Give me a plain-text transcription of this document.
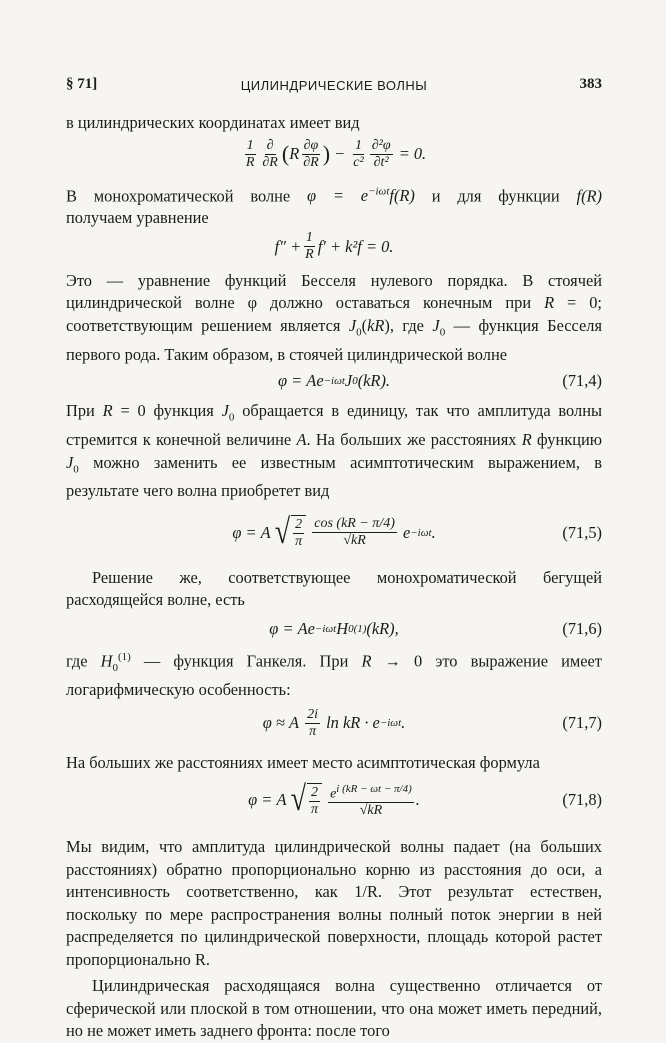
§ 71]	ЦИЛИНДРИЧЕСКИЕ ВОЛНЫ	383

в цилиндрических координатах имеет вид

$\frac{1}{R} \frac{\partial}{\partial R}$ ( R $\frac{\partial\varphi}{\partial R}$ ) − $\frac{1}{\text{c²}} \frac{\text{∂²φ}}{\text{∂t²}} = 0$.

В монохроматической волне $\varphi = e^{-i\omega t}f(R)$ и для функции f(R)

получаем уравнение

$f'' + \frac{1}{R} f' + k^2f = 0$.

Это — уравнение функций Бесселя нулевого порядка. В стоячей цилиндрической волне φ должно оставаться конечным при R = 0; соответствующим решением является $J_0(kR)$, где $J_0$ — функция Бесселя первого рода. Таким образом, в стоячей цилиндрической волне

φ = Ae −iωt J 0 (kR).	(71,4)

При R = 0 функция $J_0$ обращается в единицу, так что амплитуда волны стремится к конечной величине A. На больших же расстояниях R функцию $J_0$ можно заменить ее известным асимптотическим выражением, в результате чего волна приобретет вид

φ = A √ $\frac{2}{\pi}$
$\frac{\cos (kR - \pi/4)}{√kR}$ e −iωt .	(71,5)

Решение же, соответствующее монохроматической бегущей расходящейся волне, есть

φ = Ae −iωt H 0 (1) (kR),	(71,6)

где $H_0^{(1)}$ — функция Ганкеля. При R → 0 это выражение имеет логарифмическую особенность:

φ ≈ A $\frac{2i}{\pi}$ ln kR · e −iωt .	(71,7)

На больших же расстояниях имеет место асимптотическая формула

φ = A √ $\frac{2}{\pi}$
$\frac{e^{i (kR - \omega t - \pi/4)}}{√kR}$ .	(71,8)

Мы видим, что амплитуда цилиндрической волны падает (на больших расстояниях) обратно пропорционально корню из расстояния до оси, а интенсивность соответственно, как 1/R. Этот результат естествен, поскольку по мере распространения волны полный поток энергии в ней распределяется по цилиндрической поверхности, площадь которой растет пропорционально R.

Цилиндрическая расходящаяся волна существенно отличается от сферической или плоской в том отношении, что она может иметь передний, но не может иметь заднего фронта: после того
